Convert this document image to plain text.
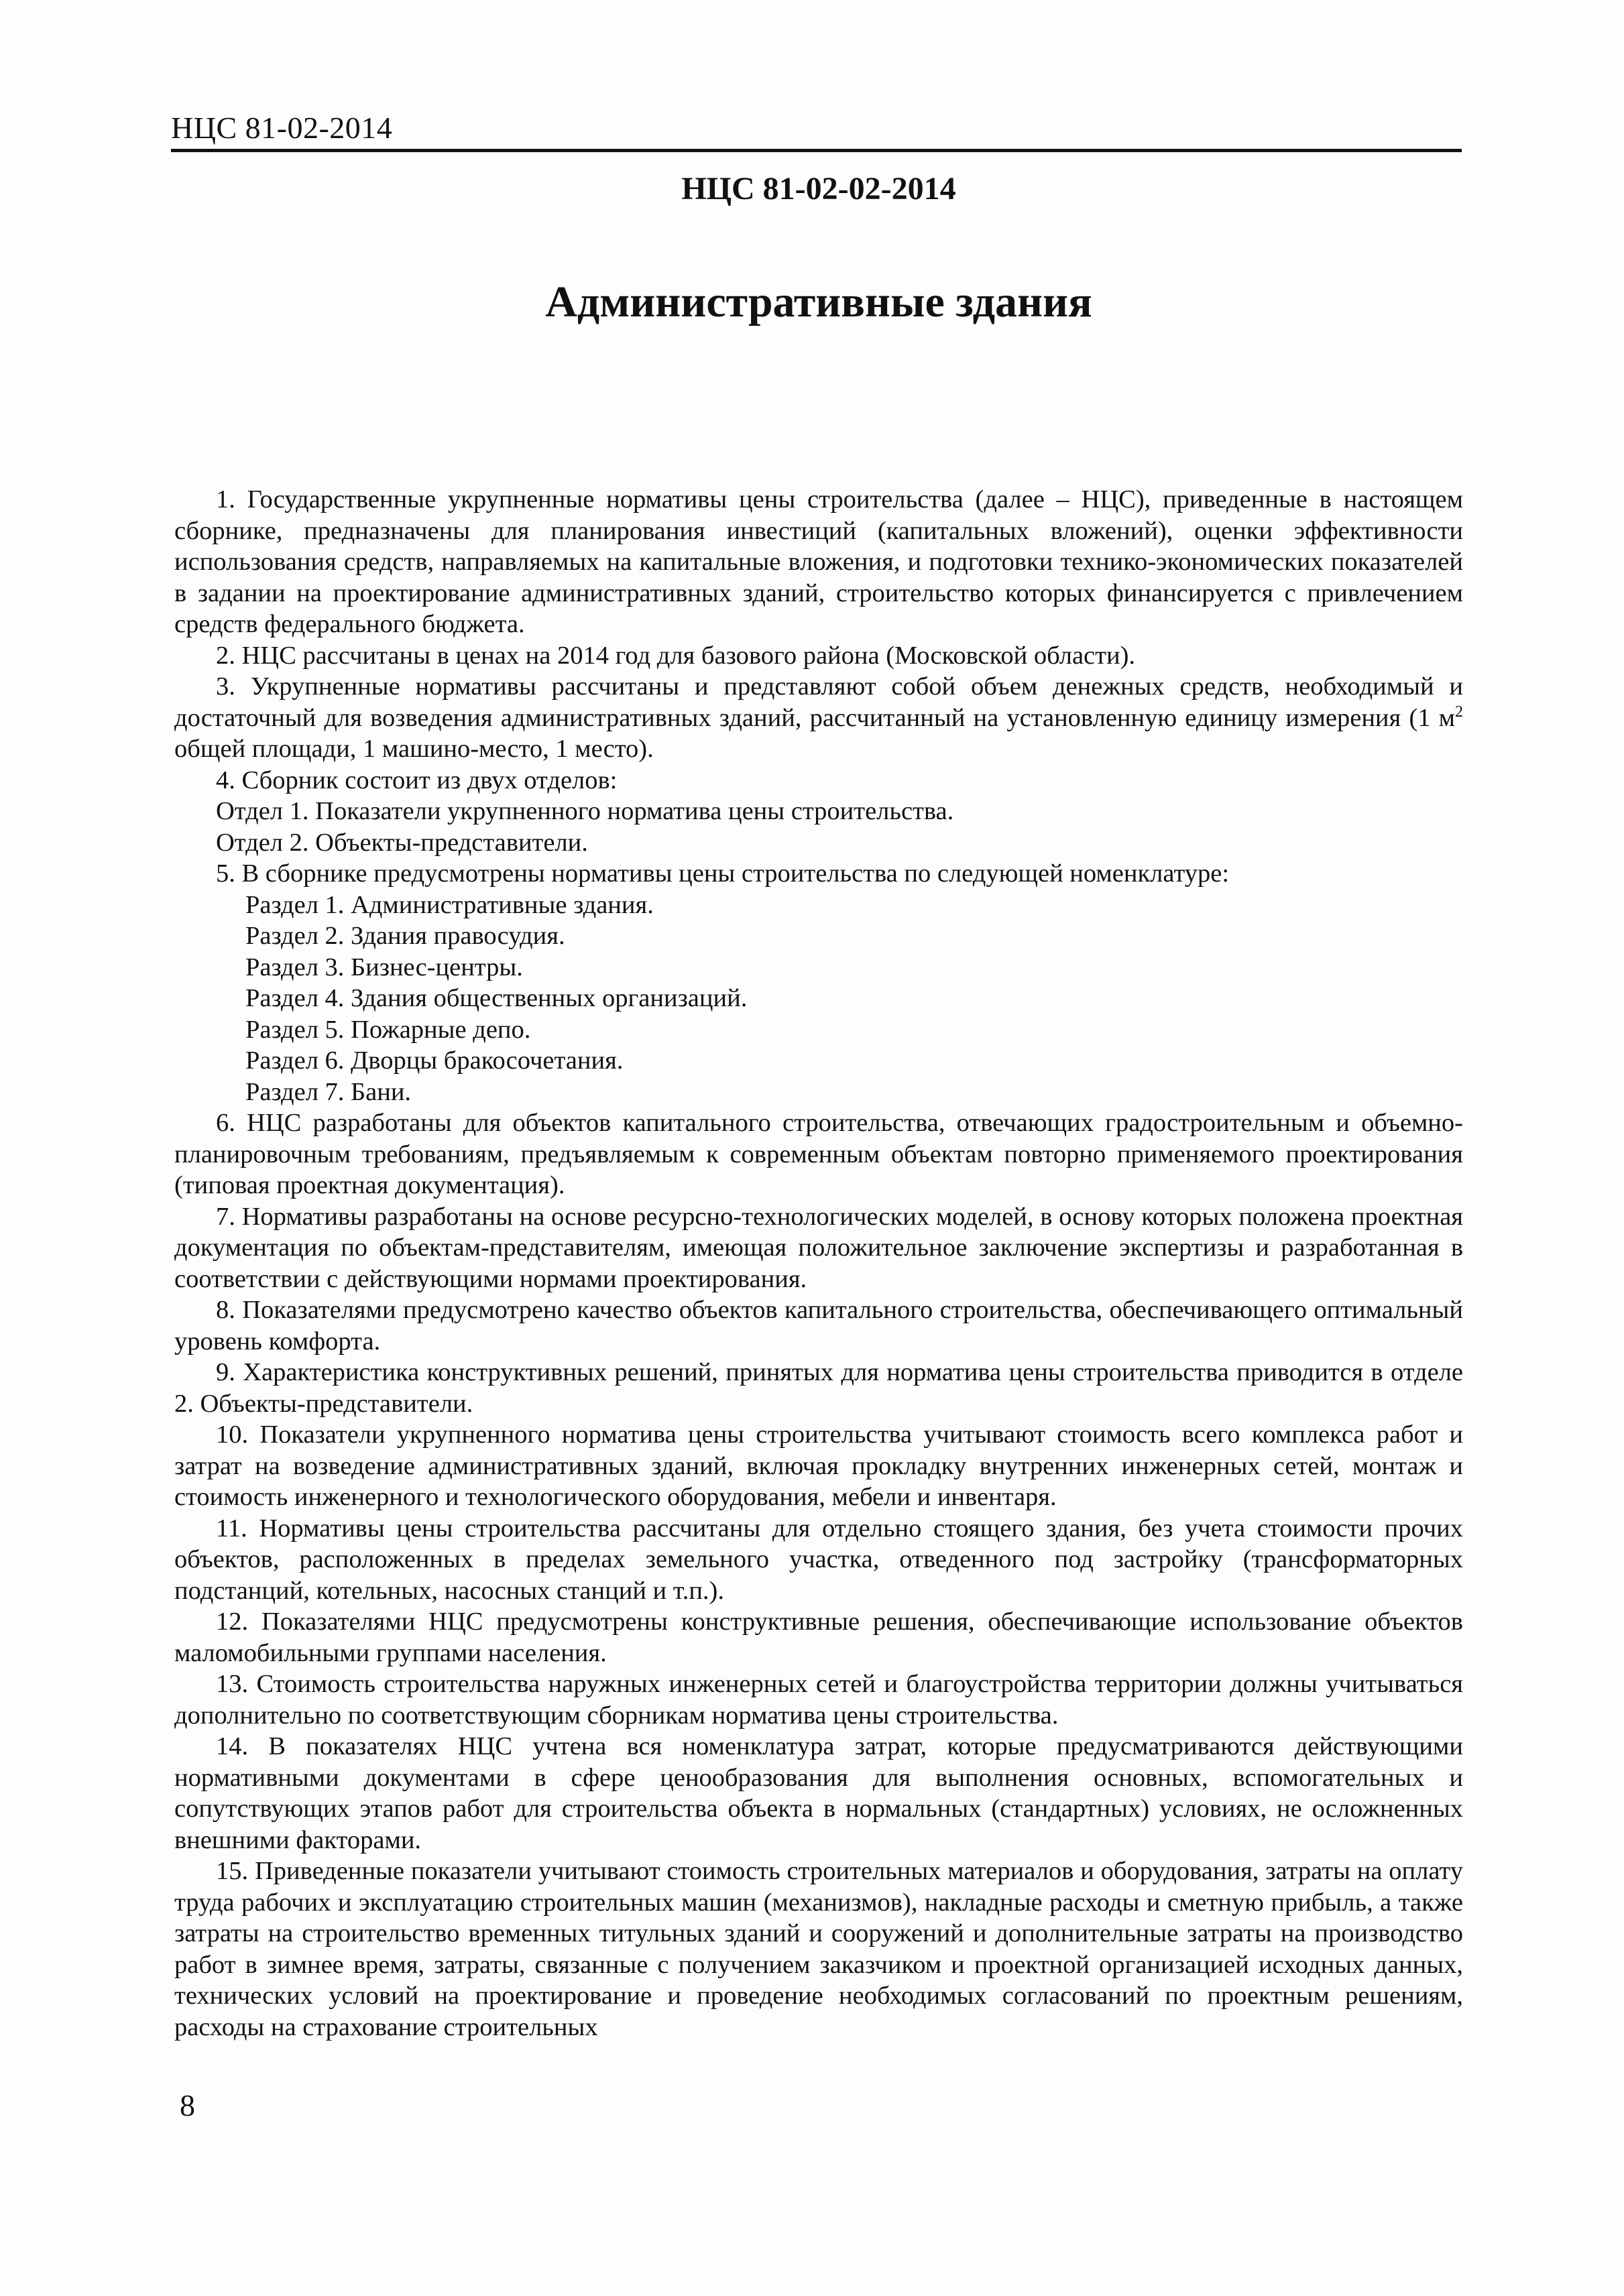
НЦС 81-02-2014
НЦС 81-02-02-2014
Административные здания

1. Государственные укрупненные нормативы цены строительства (далее – НЦС), приведенные в настоящем сборнике, предназначены для планирования инвестиций (капитальных вложений), оценки эффективности использования средств, направляемых на капитальные вложения, и подготовки технико-экономических показателей в задании на проектирование административных зданий, строительство которых финансируется с привлечением средств федерального бюджета.

2. НЦС рассчитаны в ценах на 2014 год для базового района (Московской области).

3. Укрупненные нормативы рассчитаны и представляют собой объем денежных средств, необходимый и достаточный для возведения административных зданий, рассчитанный на установленную единицу измерения (1 $м^2$ общей площади, 1 машино-место, 1 место).

4. Сборник состоит из двух отделов:

Отдел 1. Показатели укрупненного норматива цены строительства.

Отдел 2. Объекты-представители.

5. В сборнике предусмотрены нормативы цены строительства по следующей номенклатуре:

Раздел 1. Административные здания.

Раздел 2. Здания правосудия.

Раздел 3. Бизнес-центры.

Раздел 4. Здания общественных организаций.

Раздел 5. Пожарные депо.

Раздел 6. Дворцы бракосочетания.

Раздел 7. Бани.

6. НЦС разработаны для объектов капитального строительства, отвечающих градостроительным и объемно-планировочным требованиям, предъявляемым к современным объектам повторно применяемого проектирования (типовая проектная документация).

7. Нормативы разработаны на основе ресурсно-технологических моделей, в основу которых положена проектная документация по объектам-представителям, имеющая положительное заключение экспертизы и разработанная в соответствии с действующими нормами проектирования.

8. Показателями предусмотрено качество объектов капитального строительства, обеспечивающего оптимальный уровень комфорта.

9. Характеристика конструктивных решений, принятых для норматива цены строительства приводится в отделе 2. Объекты-представители.

10. Показатели укрупненного норматива цены строительства учитывают стоимость всего комплекса работ и затрат на возведение административных зданий, включая прокладку внутренних инженерных сетей, монтаж и стоимость инженерного и технологического оборудования, мебели и инвентаря.

11. Нормативы цены строительства рассчитаны для отдельно стоящего здания, без учета стоимости прочих объектов, расположенных в пределах земельного участка, отведенного под застройку (трансформаторных подстанций, котельных, насосных станций и т.п.).

12. Показателями НЦС предусмотрены конструктивные решения, обеспечивающие использование объектов маломобильными группами населения.

13. Стоимость строительства наружных инженерных сетей и благоустройства территории должны учитываться дополнительно по соответствующим сборникам норматива цены строительства.

14. В показателях НЦС учтена вся номенклатура затрат, которые предусматриваются действующими нормативными документами в сфере ценообразования для выполнения основных, вспомогательных и сопутствующих этапов работ для строительства объекта в нормальных (стандартных) условиях, не осложненных внешними факторами.

15. Приведенные показатели учитывают стоимость строительных материалов и оборудования, затраты на оплату труда рабочих и эксплуатацию строительных машин (механизмов), накладные расходы и сметную прибыль, а также затраты на строительство временных титульных зданий и сооружений и дополнительные затраты на производство работ в зимнее время, затраты, связанные с получением заказчиком и проектной организацией исходных данных, технических условий на проектирование и проведение необходимых согласований по проектным решениям, расходы на страхование строительных

8
